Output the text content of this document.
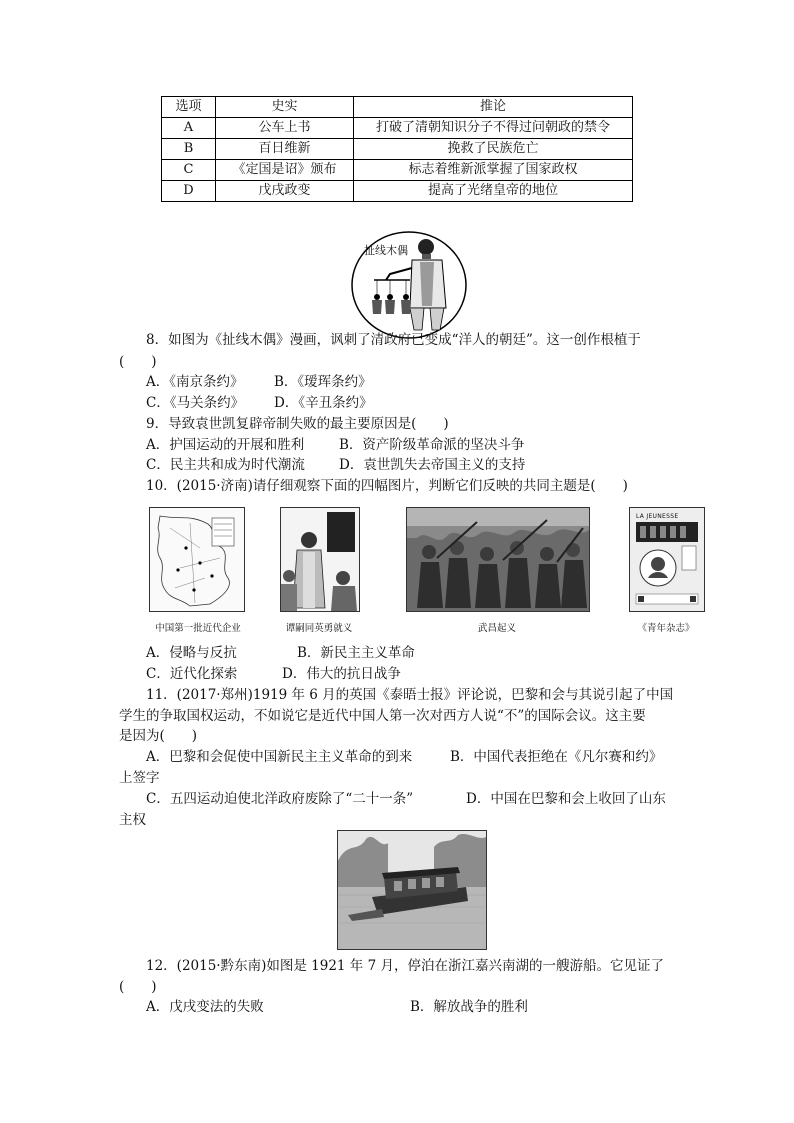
选项	史实	推论
A	公车上书	打破了清朝知识分子不得过问朝政的禁令
B	百日维新	挽救了民族危亡
C	《定国是诏》颁布	标志着维新派掌握了国家政权
D	戊戌政变	提高了光绪皇帝的地位
扯线木偶
8．如图为《扯线木偶》漫画，讽刺了清政府已变成“洋人的朝廷”。这一创作根植于
(　　)
A．《南京条约》 B．《瑷珲条约》
C．《马关条约》 D．《辛丑条约》
9．导致袁世凯复辟帝制失败的最主要原因是(　　)
A．护国运动的开展和胜利	B．资产阶级革命派的坚决斗争
C．民主共和成为时代潮流	D．袁世凯失去帝国主义的支持
10．(2015·济南)请仔细观察下面的四幅图片，判断它们反映的共同主题是(　　)
中国第一批近代企业	谭嗣同英勇就义	武昌起义
LA JEUNESSE
《青年杂志》
A．侵略与反抗	B．新民主主义革命
C．近代化探索	D．伟大的抗日战争
11．(2017·郑州)1919 年 6 月的英国《泰晤士报》评论说，巴黎和会与其说引起了中国
学生的争取国权运动，不如说它是近代中国人第一次对西方人说“不”的国际会议。这主要
是因为(　　)
A．巴黎和会促使中国新民主主义革命的到来	B．中国代表拒绝在《凡尔赛和约》
上签字
C．五四运动迫使北洋政府废除了“二十一条”	D．中国在巴黎和会上收回了山东
主权
12．(2015·黔东南)如图是 1921 年 7 月，停泊在浙江嘉兴南湖的一艘游船。它见证了
(　　)
A．戊戌变法的失败	B．解放战争的胜利
